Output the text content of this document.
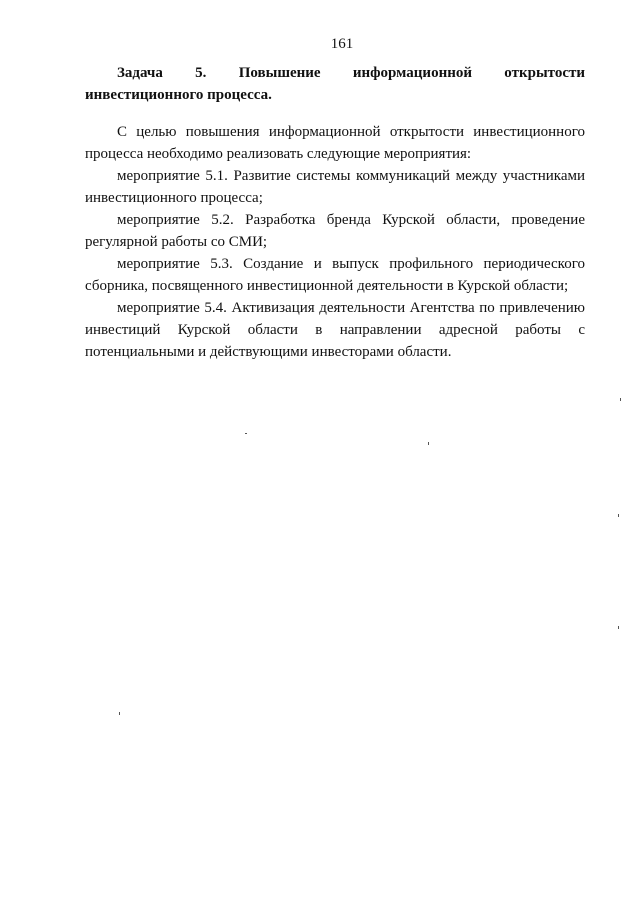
161

Задача 5. Повышение информационной открытости инвестиционного процесса.

С целью повышения информационной открытости инвестиционного процесса необходимо реализовать следующие мероприятия:

мероприятие 5.1. Развитие системы коммуникаций между участниками инвестиционного процесса;

мероприятие 5.2. Разработка бренда Курской области, проведение регулярной работы со СМИ;

мероприятие 5.3. Создание и выпуск профильного периодического сборника, посвященного инвестиционной деятельности в Курской области;

мероприятие 5.4. Активизация деятельности Агентства по привлечению инвестиций Курской области в направлении адресной работы с потенциальными и действующими инвесторами области.
